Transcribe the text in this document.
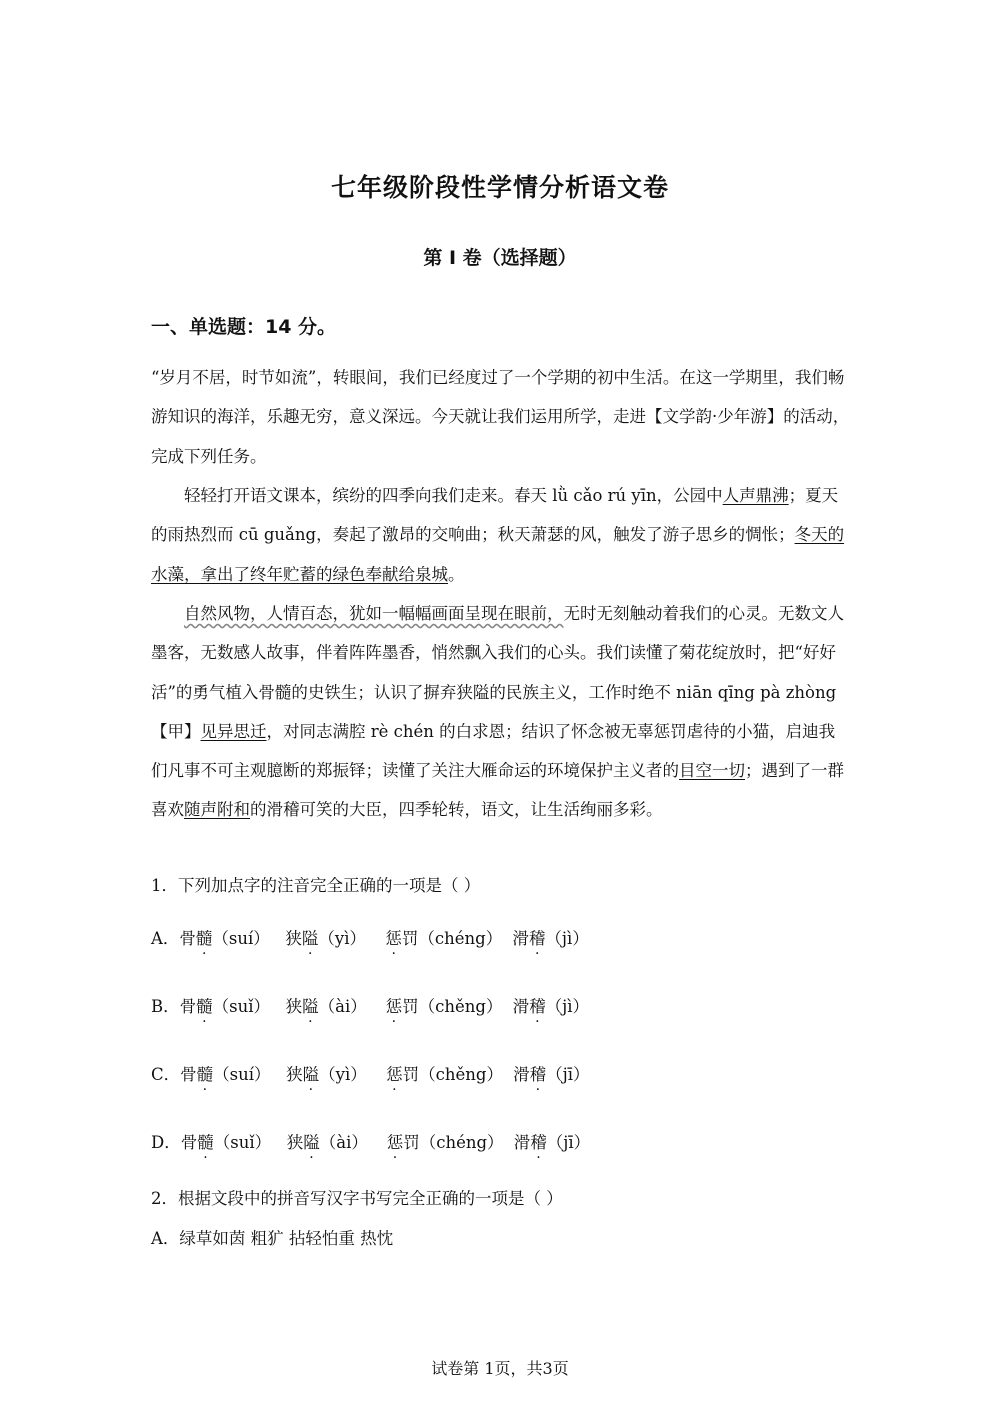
七年级阶段性学情分析语文卷
第 I 卷（选择题）
一、单选题：14 分。

“岁月不居，时节如流”，转眼间，我们已经度过了一个学期的初中生活。在这一学期里，我们畅游知识的海洋，乐趣无穷，意义深远。今天就让我们运用所学，走进【文学韵·少年游】的活动，完成下列任务。

轻轻打开语文课本，缤纷的四季向我们走来。春天 lǜ cǎo rú yīn，公园中人声鼎沸；夏天的雨热烈而 cū guǎng，奏起了激昂的交响曲；秋天萧瑟的风，触发了游子思乡的惆怅；冬天的水藻，拿出了终年贮蓄的绿色奉献给泉城。

自然风物，人情百态，犹如一幅幅画面呈现在眼前，无时无刻触动着我们的心灵。无数文人墨客，无数感人故事，伴着阵阵墨香，悄然飘入我们的心头。我们读懂了菊花绽放时，把“好好活”的勇气植入骨髓的史铁生；认识了摒弃狭隘的民族主义，工作时绝不 niān qīng pà zhòng【甲】见异思迁，对同志满腔 rè chén 的白求恩；结识了怀念被无辜惩罚虐待的小猫，启迪我们凡事不可主观臆断的郑振铎；读懂了关注大雁命运的环境保护主义者的目空一切；遇到了一群喜欢随声附和的滑稽可笑的大臣，四季轮转，语文，让生活绚丽多彩。

1．下列加点字的注音完全正确的一项是（ ）
A．骨髓（suí） 狭隘（yì） 惩罚（chéng） 滑稽（jì）
B．骨髓（suǐ） 狭隘（ài） 惩罚（chěng） 滑稽（jì）
C．骨髓（suí） 狭隘（yì） 惩罚（chěng） 滑稽（jī）
D．骨髓（suǐ） 狭隘（ài） 惩罚（chéng） 滑稽（jī）
2．根据文段中的拼音写汉字书写完全正确的一项是（ ）
A．绿草如茵 粗犷 拈轻怕重 热忱
试卷第 1页，共3页
